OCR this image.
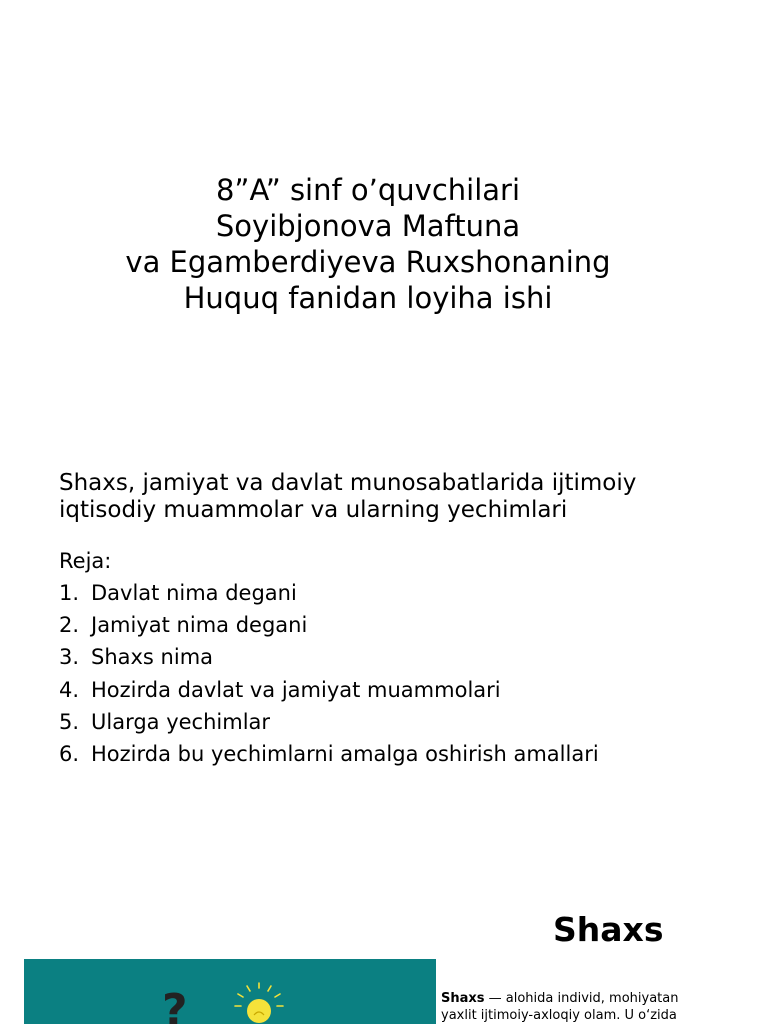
8”A” sinf o’quvchilari
Soyibjonova Maftuna
va Egamberdiyeva Ruxshonaning
Huquq fanidan loyiha ishi
Shaxs, jamiyat va davlat munosabatlarida ijtimoiy
iqtisodiy muammolar va ularning yechimlari
Reja:
1. Davlat nima degani
2. Jamiyat nima degani
3. Shaxs nima
4. Hozirda davlat va jamiyat muammolari
5. Ularga yechimlar
6. Hozirda bu yechimlarni amalga oshirish amallari
Shaxs
?	Shaxs — alohida individ, mohiyatan
yaxlit ijtimoiy-axloqiy olam. U o‘zida
